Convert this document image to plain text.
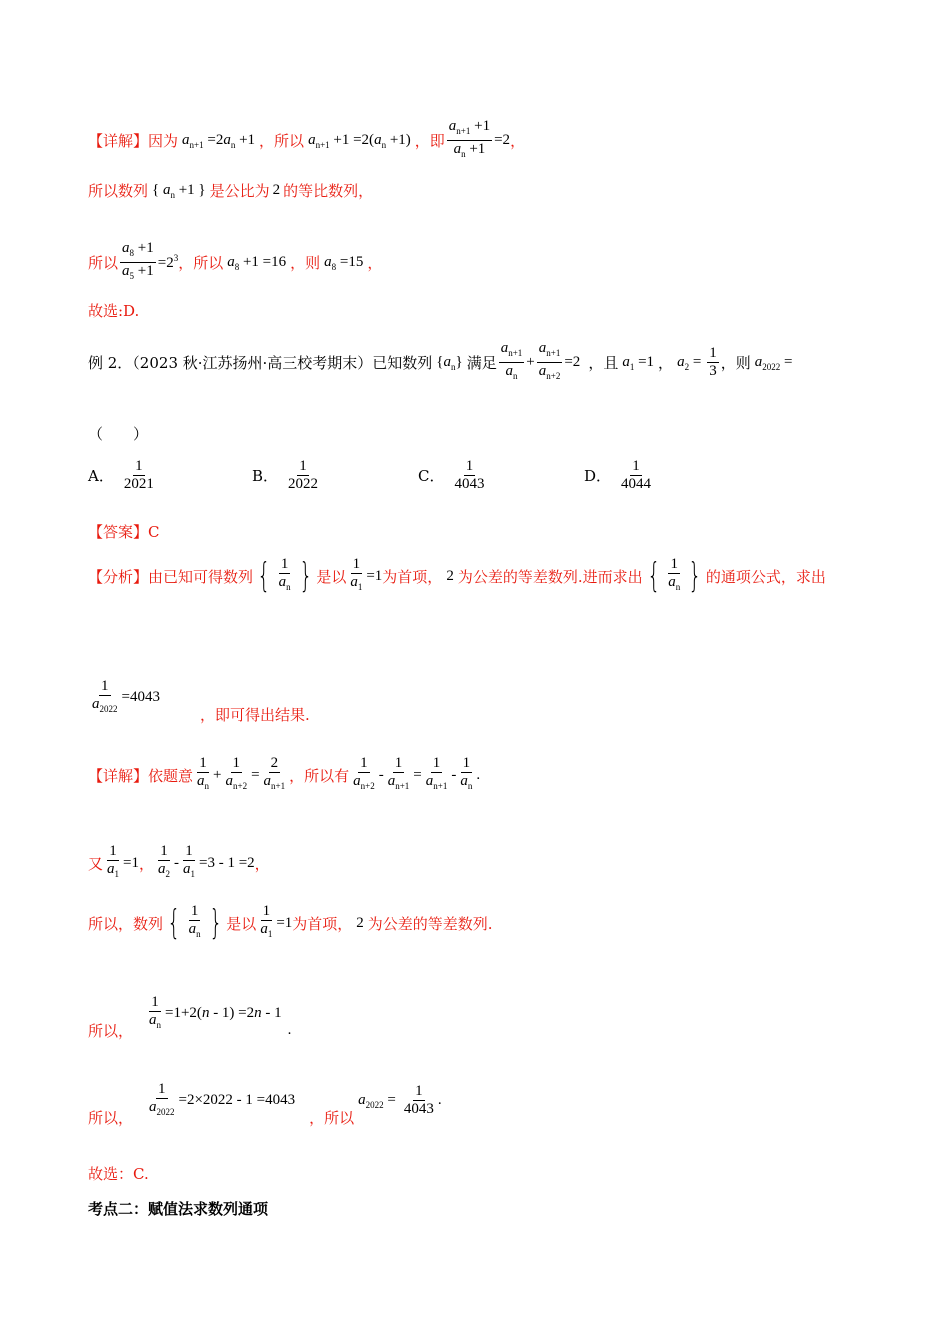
【详解】 因为 $a_{n+1} =2a_n +1$ ，所以 $a_{n+1} +1 =2(a_n +1)$ ，即 $\frac{a_{n+1} +1}{a_n +1} =2$ ，
所以数列 { $a_n +1$ } 是公比为 2 的等比数列，
所以 $\frac{a_8 +1}{a_5 +1} =2^3$ ，所以 $a_8 +1 =16$ ，则 $a_8 =15$ ，
故选:D.
例 2．（2023 秋·江苏扬州·高三校考期末）已知数列 $\{a_n\}$ 满足 $\frac{a_{n+1}}{a_n} + \frac{a_{n+1}}{a_{n+2}} =2$ ，且 $a_1 =1$ ， $a_2 = \frac{1}{3}$ ，则 $a_{2022}$ =
（　　）
A． $\frac{1}{2021}$	B． $\frac{1}{2022}$	C． $\frac{1}{4043}$	D． $\frac{1}{4044}$
【答案】 C
【分析】 由已知可得数列 { $\frac{1}{a_n}$ } 是以 $\frac{1}{a_1} =1$ 为首项， 2 为公差的等差数列.进而求出 { $\frac{1}{a_n}$ } 的通项公式，求出
$\frac{1}{a_{2022}} =4043$
，即可得出结果.
【详解】 依题意 $\frac{1}{a_n} + \frac{1}{a_{n+2}} = \frac{2}{a_{n+1}}$ ，所以有 $\frac{1}{a_{n+2}} - \frac{1}{a_{n+1}} = \frac{1}{a_{n+1}} - \frac{1}{a_n}$ .
又 $\frac{1}{a_1} =1$ ， $\frac{1}{a_2} - \frac{1}{a_1} =3 - 1 =2$ ，
所以，数列 { $\frac{1}{a_n}$ } 是以 $\frac{1}{a_1} =1$ 为首项， 2 为公差的等差数列.
所以， $\frac{1}{a_n} =1+2(n - 1) =2n - 1$
.
所以， $\frac{1}{a_{2022}} =2\times 2022 - 1 =4043$
，所以
$a_{2022} = \frac{1}{4043}$ .
故选：C.
考点二：赋值法求数列通项
